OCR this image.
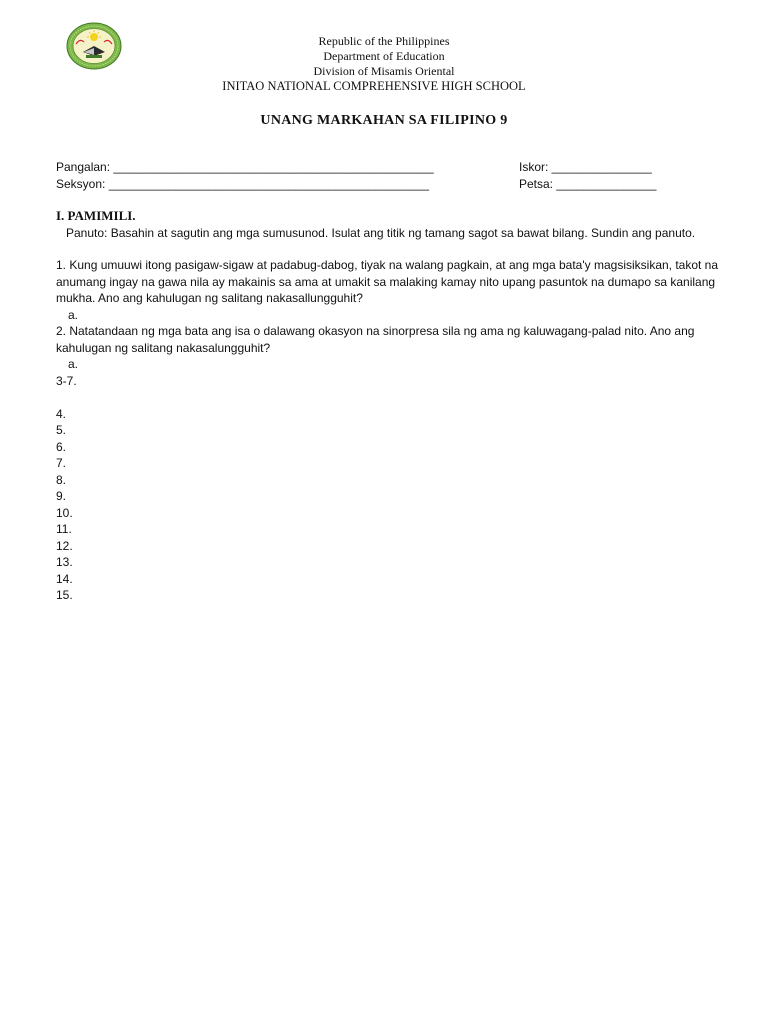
Republic of the Philippines
Department of Education
Division of Misamis Oriental
INITAO NATIONAL COMPREHENSIVE HIGH SCHOOL
UNANG MARKAHAN SA FILIPINO 9
Pangalan: ________________________________________________
Seksyon: ________________________________________________
Iskor: _______________
Petsa: _______________
I. PAMIMILI.
Panuto: Basahin at sagutin ang mga sumusunod. Isulat ang titik ng tamang sagot sa bawat bilang. Sundin ang panuto.
1. Kung umuuwi itong pasigaw-sigaw at padabug-dabog, tiyak na walang pagkain, at ang mga bata'y magsisiksikan, takot na anumang ingay na gawa nila ay makainis sa ama at umakit sa malaking kamay nito upang pasuntok na dumapo sa kanilang mukha. Ano ang kahulugan ng salitang nakasallungguhit?
a.
2. Natatandaan ng mga bata ang isa o dalawang okasyon na sinorpresa sila ng ama ng kaluwagang-palad nito. Ano ang kahulugan ng salitang nakasalungguhit?
a.
3-7.
4.
5.
6.
7.
8.
9.
10.
11.
12.
13.
14.
15.
